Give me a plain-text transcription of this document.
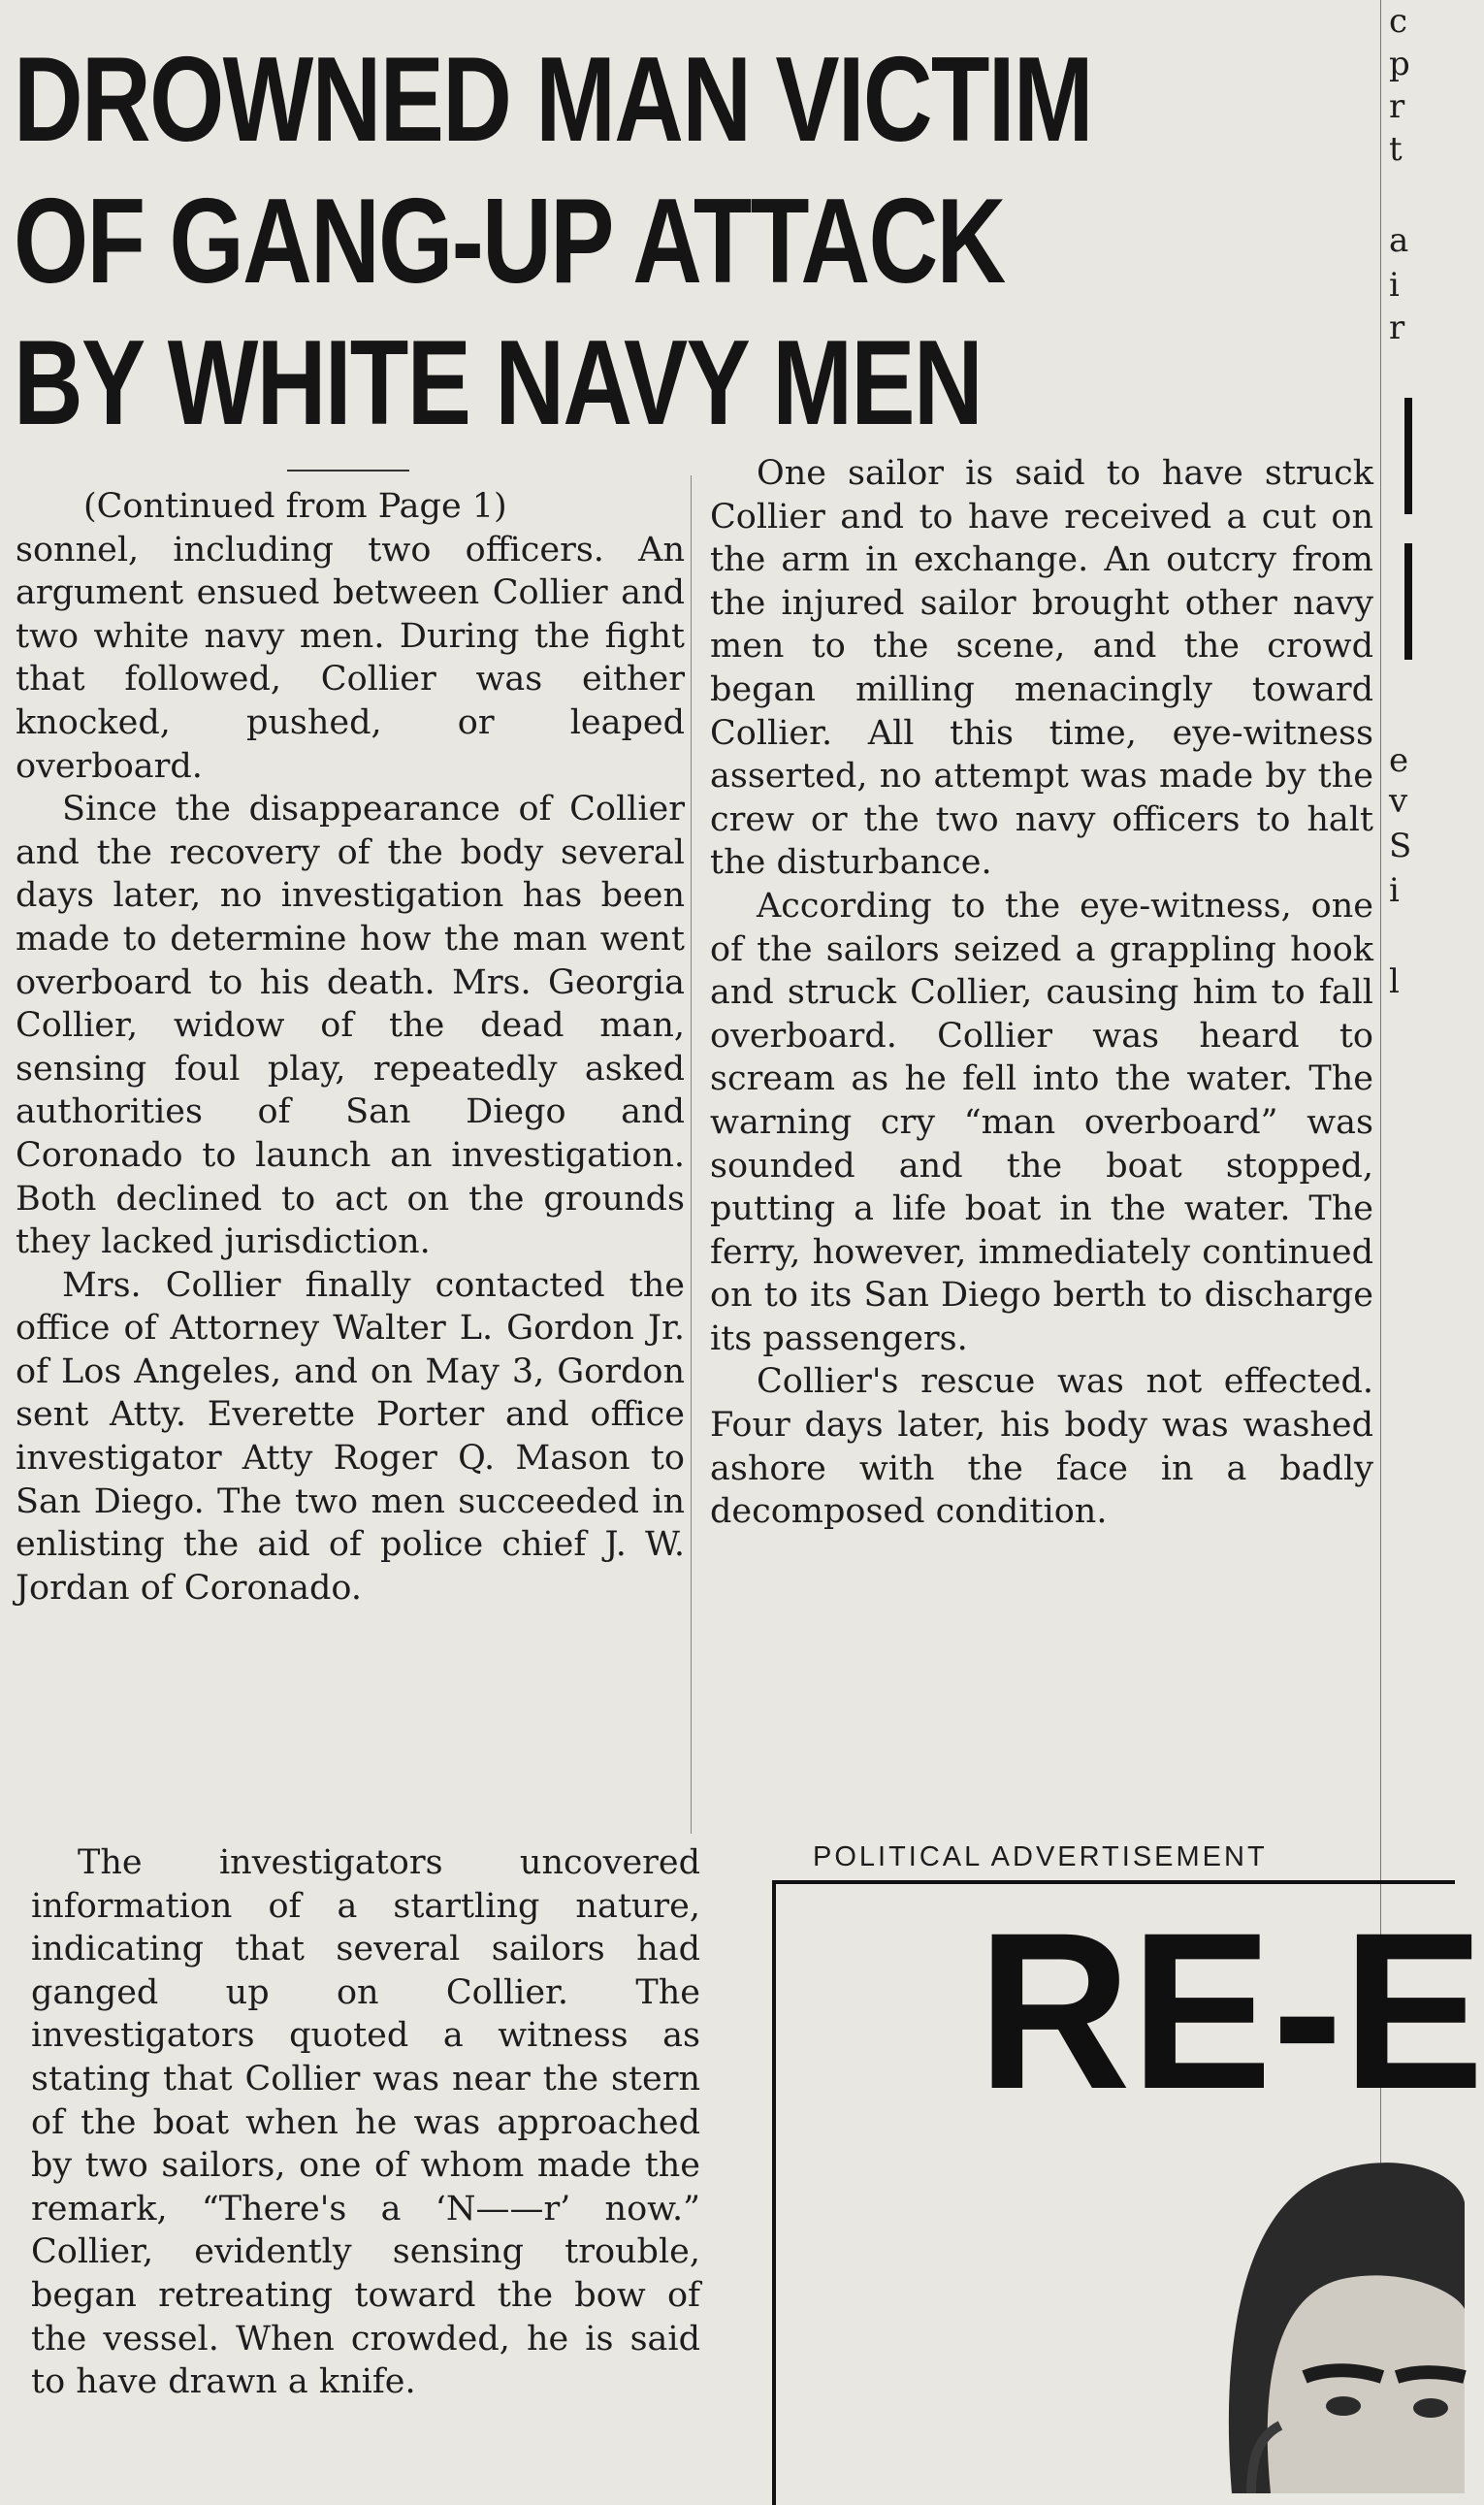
DROWNED MAN VICTIM
OF GANG-UP ATTACK
BY WHITE NAVY MEN

(Continued from Page 1)

sonnel, including two officers. An argument ensued between Collier and two white navy men. During the fight that followed, Collier was either knocked, pushed, or leaped overboard.

Since the disappearance of Collier and the recovery of the body several days later, no investigation has been made to determine how the man went overboard to his death. Mrs. Georgia Collier, widow of the dead man, sensing foul play, repeatedly asked authorities of San Diego and Coronado to launch an investigation. Both declined to act on the grounds they lacked jurisdiction.

Mrs. Collier finally contacted the office of Attorney Walter L. Gordon Jr. of Los Angeles, and on May 3, Gordon sent Atty. Everette Porter and office investigator Atty Roger Q. Mason to San Diego. The two men succeeded in enlisting the aid of police chief J. W. Jordan of Coronado.

The investigators uncovered information of a startling nature, indicating that several sailors had ganged up on Collier. The investigators quoted a witness as stating that Collier was near the stern of the boat when he was approached by two sailors, one of whom made the remark, “There's a ‘N——r’ now.” Collier, evidently sensing trouble, began retreating toward the bow of the vessel. When crowded, he is said to have drawn a knife.

One sailor is said to have struck Collier and to have received a cut on the arm in exchange. An outcry from the injured sailor brought other navy men to the scene, and the crowd began milling menacingly toward Collier. All this time, eye-witness asserted, no attempt was made by the crew or the two navy officers to halt the disturbance.

According to the eye-witness, one of the sailors seized a grappling hook and struck Collier, causing him to fall overboard. Collier was heard to scream as he fell into the water. The warning cry “man overboard” was sounded and the boat stopped, putting a life boat in the water. The ferry, however, immediately continued on to its San Diego berth to discharge its passengers.

Collier's rescue was not effected. Four days later, his body was washed ashore with the face in a badly decomposed condition.

c
p
r
t
a
i
r
e
v
S
i
l
POLITICAL ADVERTISEMENT
RE-E
